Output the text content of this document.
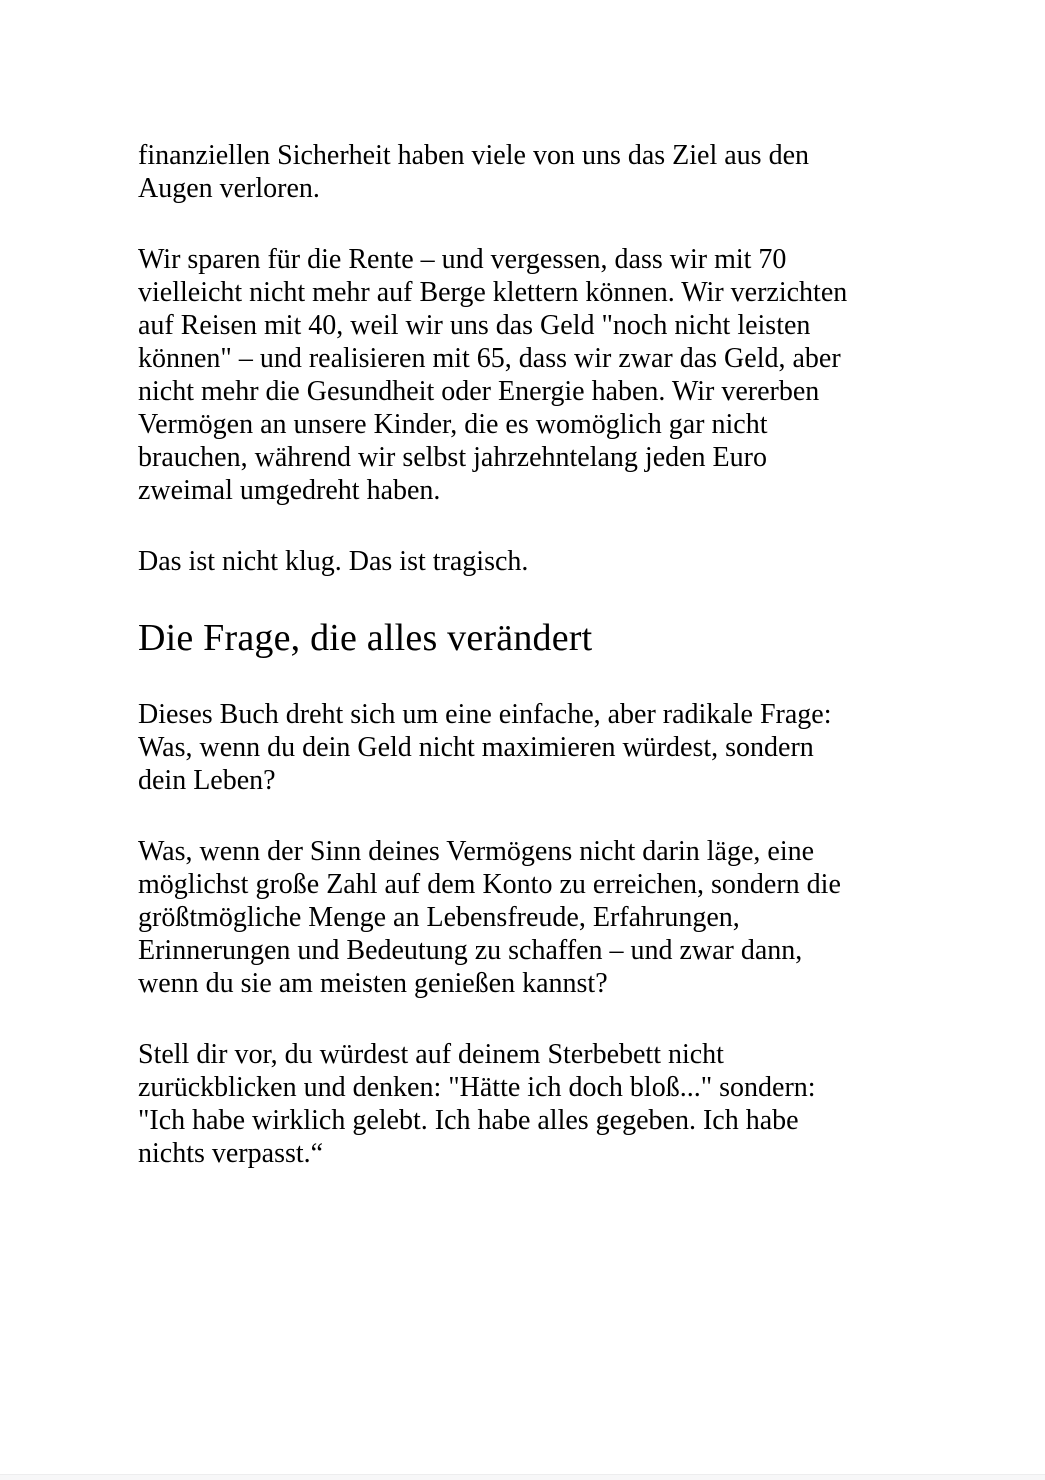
finanziellen Sicherheit haben viele von uns das Ziel aus den
Augen verloren.
Wir sparen für die Rente – und vergessen, dass wir mit 70
vielleicht nicht mehr auf Berge klettern können. Wir verzichten
auf Reisen mit 40, weil wir uns das Geld "noch nicht leisten
können" – und realisieren mit 65, dass wir zwar das Geld, aber
nicht mehr die Gesundheit oder Energie haben. Wir vererben
Vermögen an unsere Kinder, die es womöglich gar nicht
brauchen, während wir selbst jahrzehntelang jeden Euro
zweimal umgedreht haben.
Das ist nicht klug. Das ist tragisch.
Die Frage, die alles verändert
Dieses Buch dreht sich um eine einfache, aber radikale Frage:
Was, wenn du dein Geld nicht maximieren würdest, sondern
dein Leben?
Was, wenn der Sinn deines Vermögens nicht darin läge, eine
möglichst große Zahl auf dem Konto zu erreichen, sondern die
größtmögliche Menge an Lebensfreude, Erfahrungen,
Erinnerungen und Bedeutung zu schaffen – und zwar dann,
wenn du sie am meisten genießen kannst?
Stell dir vor, du würdest auf deinem Sterbebett nicht
zurückblicken und denken: "Hätte ich doch bloß..." sondern:
"Ich habe wirklich gelebt. Ich habe alles gegeben. Ich habe
nichts verpasst.“
